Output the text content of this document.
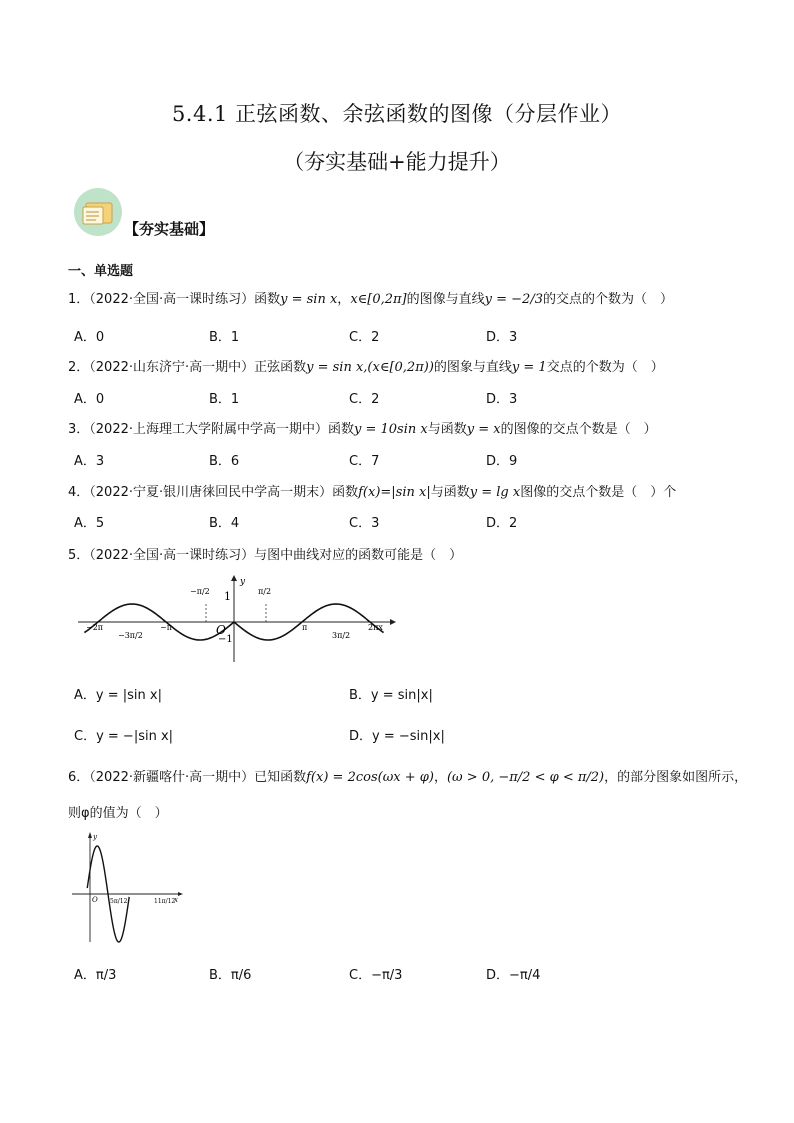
5.4.1 正弦函数、余弦函数的图像（分层作业）
（夯实基础+能力提升）
【夯实基础】
一、单选题
1．（2022·全国·高一课时练习）函数y = sin x，x∈[0,2π]的图像与直线y = −2/3的交点的个数为（　）
A．0	B．1	C．2	D．3
2．（2022·山东济宁·高一期中）正弦函数y = sin x,(x∈[0,2π))的图象与直线y = 1交点的个数为（　）
A．0	B．1	C．2	D．3
3．（2022·上海理工大学附属中学高一期中）函数y = 10sin x与函数y = x的图像的交点个数是（　）
A．3	B．6	C．7	D．9
4．（2022·宁夏·银川唐徕回民中学高一期末）函数f(x)=|sin x|与函数y = lg x图像的交点个数是（　）个
A．5	B．4	C．3	D．2
5．（2022·全国·高一课时练习）与图中曲线对应的函数可能是（　）
y
1
−1
O
−2π
−3π/2
−π
−π/2	π/2
π
3π/2
2πx
A．y = |sin x|	B．y = sin|x|
C．y = −|sin x|	D．y = −sin|x|
6．（2022·新疆喀什·高一期中）已知函数f(x) = 2cos(ωx + φ)，(ω > 0, −π/2 < φ < π/2)，的部分图象如图所示，
则φ的值为（　）
y
O 5π/12	11π/12
x
A．π/3	B．π/6	C．−π/3	D．−π/4
